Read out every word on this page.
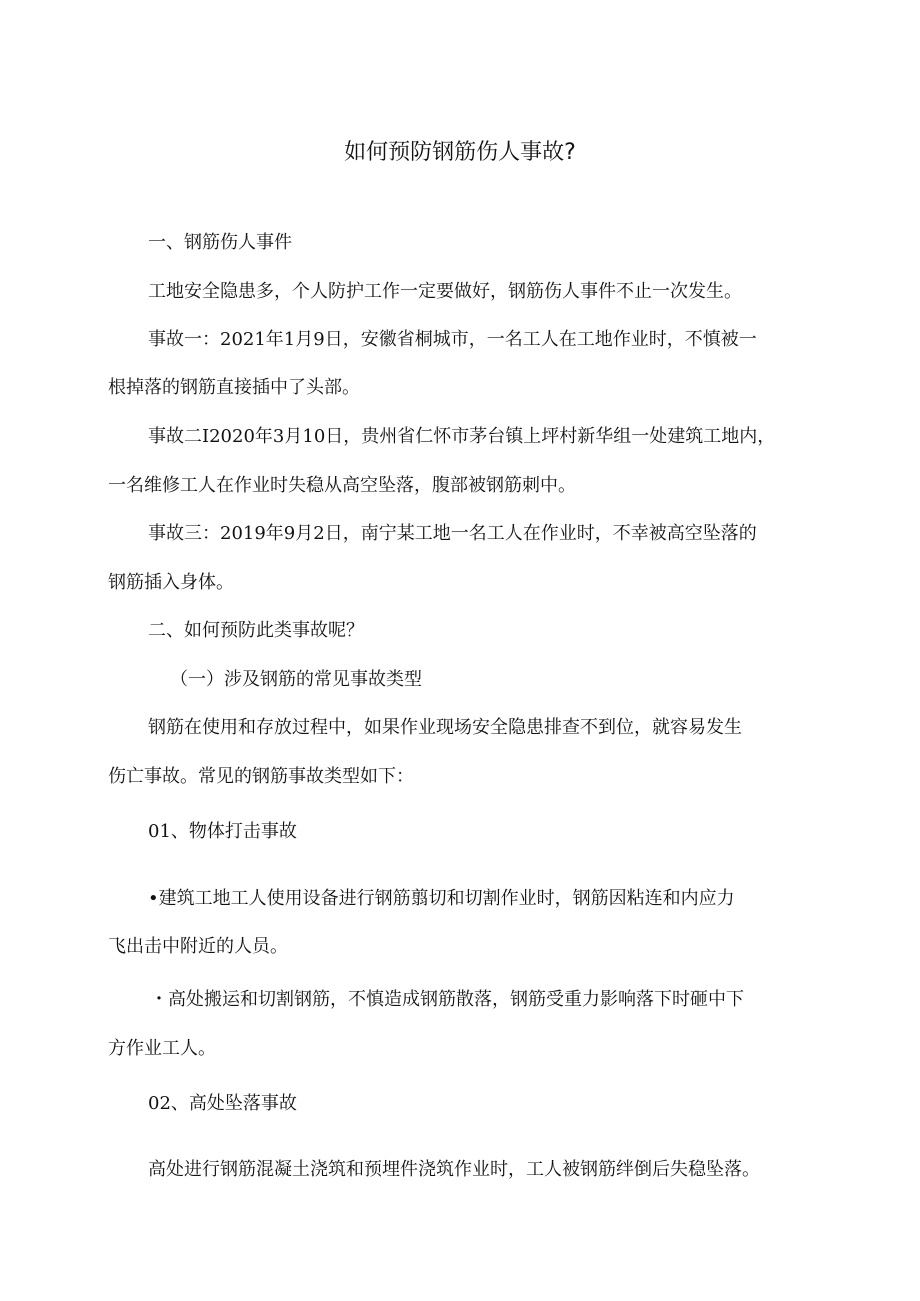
如何预防钢筋伤人事故?
一、钢筋伤人事件
工地安全隐患多，个人防护工作一定要做好，钢筋伤人事件不止一次发生。
事故一：2021年1月9日，安徽省桐城市，一名工人在工地作业时，不慎被一
根掉落的钢筋直接插中了头部。
事故二I2020年3月10日，贵州省仁怀市茅台镇上坪村新华组一处建筑工地内，
一名维修工人在作业时失稳从高空坠落，腹部被钢筋刺中。
事故三：2019年9月2日，南宁某工地一名工人在作业时，不幸被高空坠落的
钢筋插入身体。
二、如何预防此类事故呢？
（一）涉及钢筋的常见事故类型
钢筋在使用和存放过程中，如果作业现场安全隐患排查不到位，就容易发生
伤亡事故。常见的钢筋事故类型如下：
01、物体打击事故
•建筑工地工人使用设备进行钢筋翦切和切割作业时，钢筋因粘连和内应力
飞出击中附近的人员。
・高处搬运和切割钢筋，不慎造成钢筋散落，钢筋受重力影响落下时砸中下
方作业工人。
02、高处坠落事故
高处进行钢筋混凝土浇筑和预埋件浇筑作业时，工人被钢筋绊倒后失稳坠落。
